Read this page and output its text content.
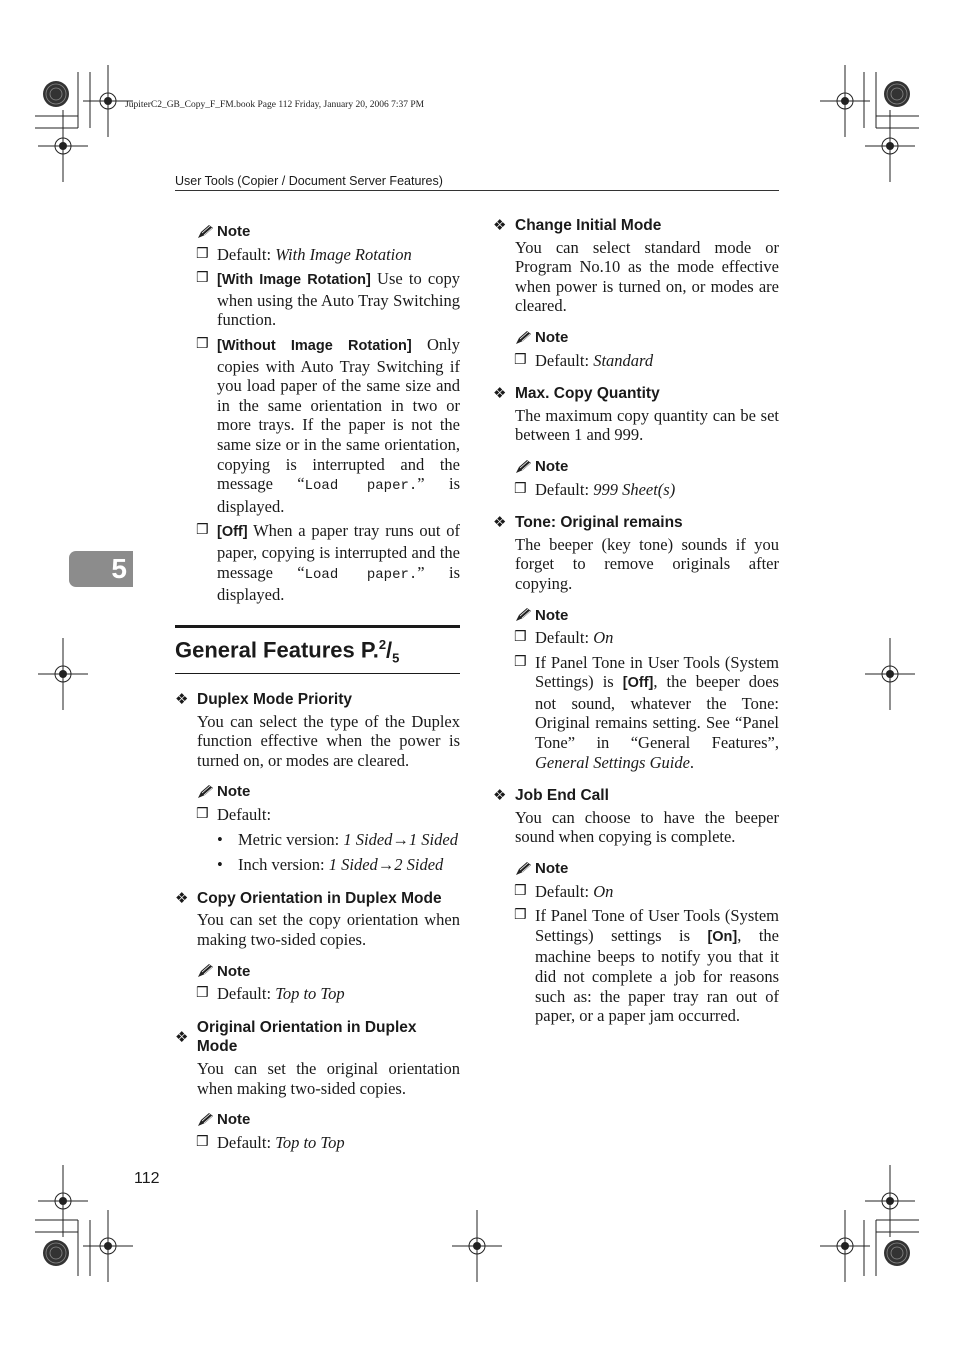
JupiterC2_GB_Copy_F_FM.book Page 112 Friday, January 20, 2006 7:37 PM
User Tools (Copier / Document Server Features)
5
112
Note
❒ Default: With Image Rotation
❒ [With Image Rotation] Use to copy when using the Auto Tray Switching function.
❒ [Without Image Rotation] Only copies with Auto Tray Switching if you load paper of the same size and in the same orientation in two or more trays. If the paper is not the same size or in the same orientation, copying is interrupted and the message “Load paper.” is displayed.
❒ [Off] When a paper tray runs out of paper, copying is interrupted and the message “Load paper.” is displayed.
General Features $P.^2/_5$
❖ Duplex Mode Priority
You can select the type of the Duplex function effective when the power is turned on, or modes are cleared.
Note
❒ Default:
• Metric version: 1 Sided→1 Sided
• Inch version: 1 Sided→2 Sided
❖ Copy Orientation in Duplex Mode
You can set the copy orientation when making two-sided copies.
Note
❒ Default: Top to Top
❖
Original Orientation in Duplex Mode
You can set the original orientation when making two-sided copies.
Note
❒ Default: Top to Top
❖ Change Initial Mode
You can select standard mode or Program No.10 as the mode effective when power is turned on, or modes are cleared.
Note
❒ Default: Standard
❖ Max. Copy Quantity
The maximum copy quantity can be set between 1 and 999.
Note
❒ Default: 999 Sheet(s)
❖ Tone: Original remains
The beeper (key tone) sounds if you forget to remove originals after copying.
Note
❒ Default: On
❒ If Panel Tone in User Tools (System Settings) is [Off], the beeper does not sound, whatever the Tone: Original remains setting. See “Panel Tone” in “General Features”, General Settings Guide.
❖ Job End Call
You can choose to have the beeper sound when copying is complete.
Note
❒ Default: On
❒ If Panel Tone of User Tools (System Settings) settings is [On], the machine beeps to notify you that it did not complete a job for reasons such as: the paper tray ran out of paper, or a paper jam occurred.
